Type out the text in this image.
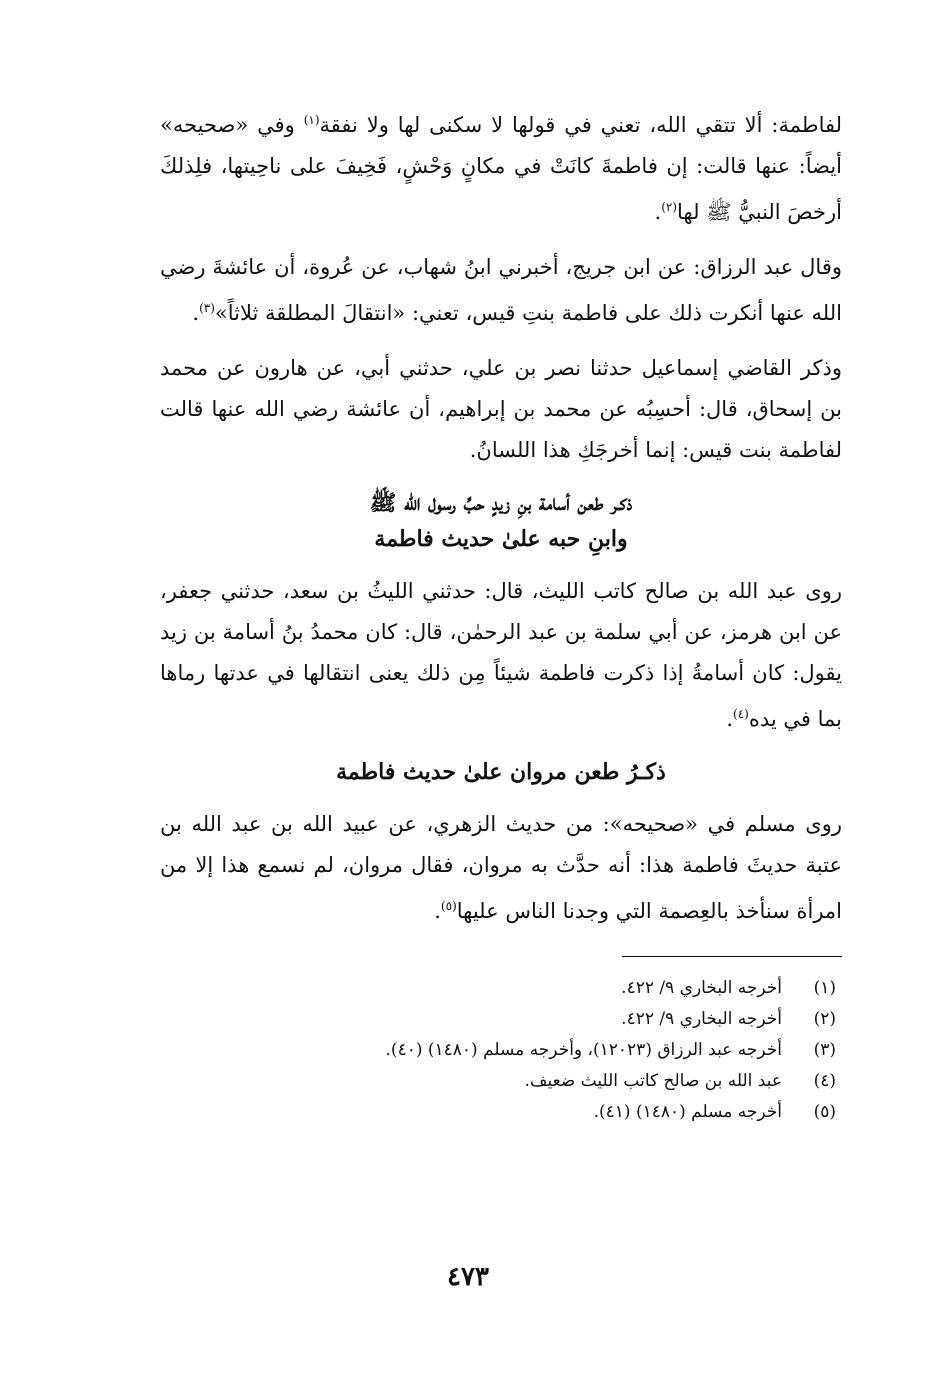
لفاطمة: ألا تتقي الله، تعني في قولها لا سكنى لها ولا نفقة$^{(١)}$ وفي «صحيحه» أيضاً: عنها قالت: إن فاطمةَ كانَتْ في مكانٍ وَحْشٍ، فَخِيفَ على ناحِيتها، فلِذلكَ أرخصَ النبيُّ ﷺ لها$^{(٢)}$.

وقال عبد الرزاق: عن ابن جريج، أخبرني ابنُ شهاب، عن عُروة، أن عائشةَ رضي الله عنها أنكرت ذلك على فاطمة بنتِ قيس، تعني: «انتقالَ المطلقة ثلاثاً»$^{(٣)}$.

وذكر القاضي إسماعيل حدثنا نصر بن علي، حدثني أبي، عن هارون عن محمد بن إسحاق، قال: أحسِبُه عن محمد بن إبراهيم، أن عائشة رضي الله عنها قالت لفاطمة بنت قيس: إنما أخرجَكِ هذا اللسانُ.

ذكـر طعن أسامة بنِ زيدٍ حبِّ رسول الله ﷺ
وابنِ حبه علىٰ حديث فاطمة

روى عبد الله بن صالح كاتب الليث، قال: حدثني الليثُ بن سعد، حدثني جعفر، عن ابن هرمز، عن أبي سلمة بن عبد الرحمٰن، قال: كان محمدُ بنُ أسامة بن زيد يقول: كان أسامةُ إذا ذكرت فاطمة شيئاً مِن ذلك يعنى انتقالها في عدتها رماها بما في يده$^{(٤)}$.

ذكـرُ طعن مروان علىٰ حديث فاطمة

روى مسلم في «صحيحه»: من حديث الزهري، عن عبيد الله بن عبد الله بن عتبة حديثَ فاطمة هذا: أنه حدَّث به مروان، فقال مروان، لم نسمع هذا إلا من امرأة سنأخذ بالعِصمة التي وجدنا الناس عليها$^{(٥)}$.

(١)
أخرجه البخاري ٩/ ٤٢٢.
(٢)
أخرجه البخاري ٩/ ٤٢٢.
(٣)
أخرجه عبد الرزاق (١٢٠٢٣)، وأخرجه مسلم (١٤٨٠) (٤٠).
(٤)
عبد الله بن صالح كاتب الليث ضعيف.
(٥)
أخرجه مسلم (١٤٨٠) (٤١).
٤٧٣
